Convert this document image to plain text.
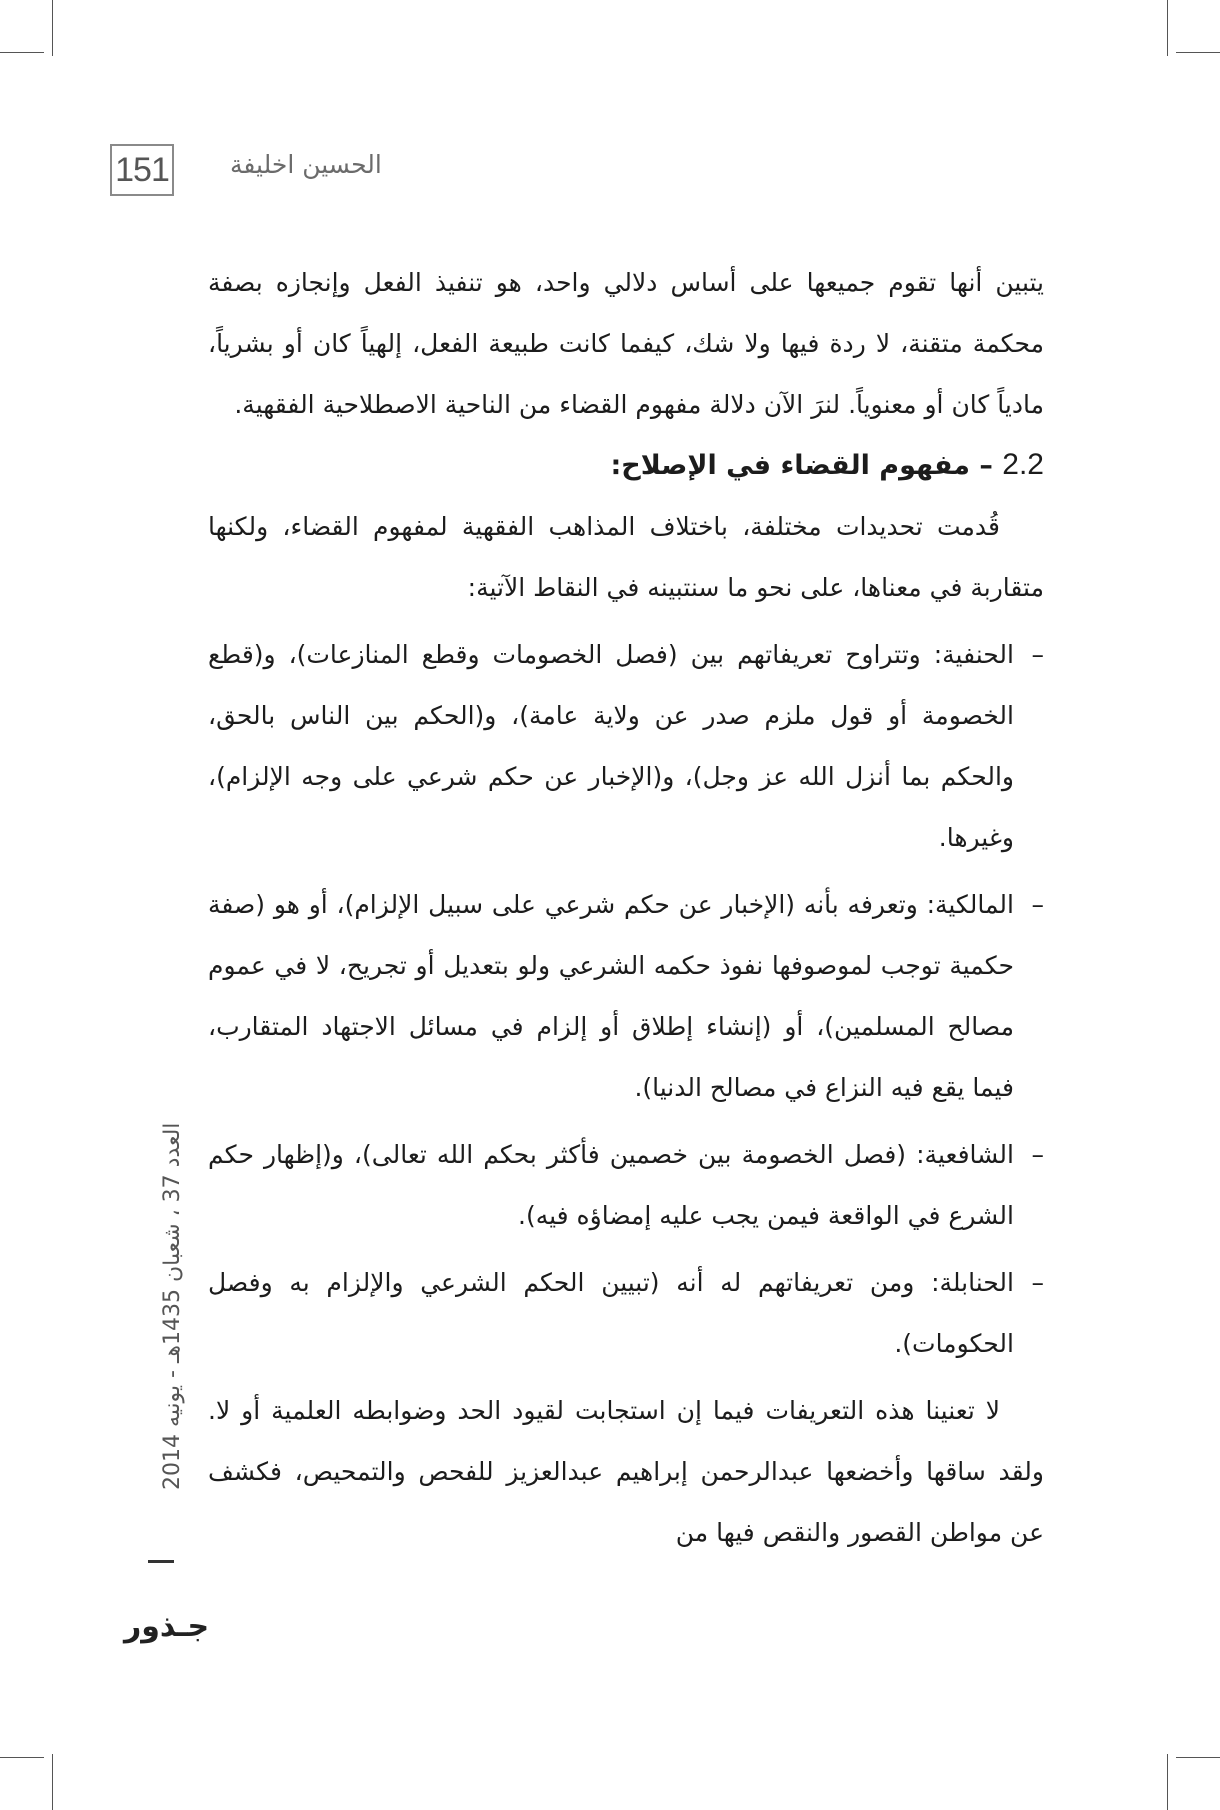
151 الحسين اخليفة
العدد 37 ، شعبان 1435هـ - يونيه 2014
جـذور

يتبين أنها تقوم جميعها على أساس دلالي واحد، هو تنفيذ الفعل وإنجازه بصفة محكمة متقنة، لا ردة فيها ولا شك، كيفما كانت طبيعة الفعل، إلهياً كان أو بشرياً، مادياً كان أو معنوياً. لنرَ الآن دلالة مفهوم القضاء من الناحية الاصطلاحية الفقهية.

2.2 – مفهوم القضاء في الإصلاح:

قُدمت تحديدات مختلفة، باختلاف المذاهب الفقهية لمفهوم القضاء، ولكنها متقاربة في معناها، على نحو ما سنتبينه في النقاط الآتية:

–
الحنفية: وتتراوح تعريفاتهم بين (فصل الخصومات وقطع المنازعات)، و(قطع الخصومة أو قول ملزم صدر عن ولاية عامة)، و(الحكم بين الناس بالحق، والحكم بما أنزل الله عز وجل)، و(الإخبار عن حكم شرعي على وجه الإلزام)، وغيرها.
–
المالكية: وتعرفه بأنه (الإخبار عن حكم شرعي على سبيل الإلزام)، أو هو (صفة حكمية توجب لموصوفها نفوذ حكمه الشرعي ولو بتعديل أو تجريح، لا في عموم مصالح المسلمين)، أو (إنشاء إطلاق أو إلزام في مسائل الاجتهاد المتقارب، فيما يقع فيه النزاع في مصالح الدنيا).
–
الشافعية: (فصل الخصومة بين خصمين فأكثر بحكم الله تعالى)، و(إظهار حكم الشرع في الواقعة فيمن يجب عليه إمضاؤه فيه).
–
الحنابلة: ومن تعريفاتهم له أنه (تبيين الحكم الشرعي والإلزام به وفصل الحكومات).

لا تعنينا هذه التعريفات فيما إن استجابت لقيود الحد وضوابطه العلمية أو لا. ولقد ساقها وأخضعها عبدالرحمن إبراهيم عبدالعزيز للفحص والتمحيص، فكشف عن مواطن القصور والنقص فيها من
